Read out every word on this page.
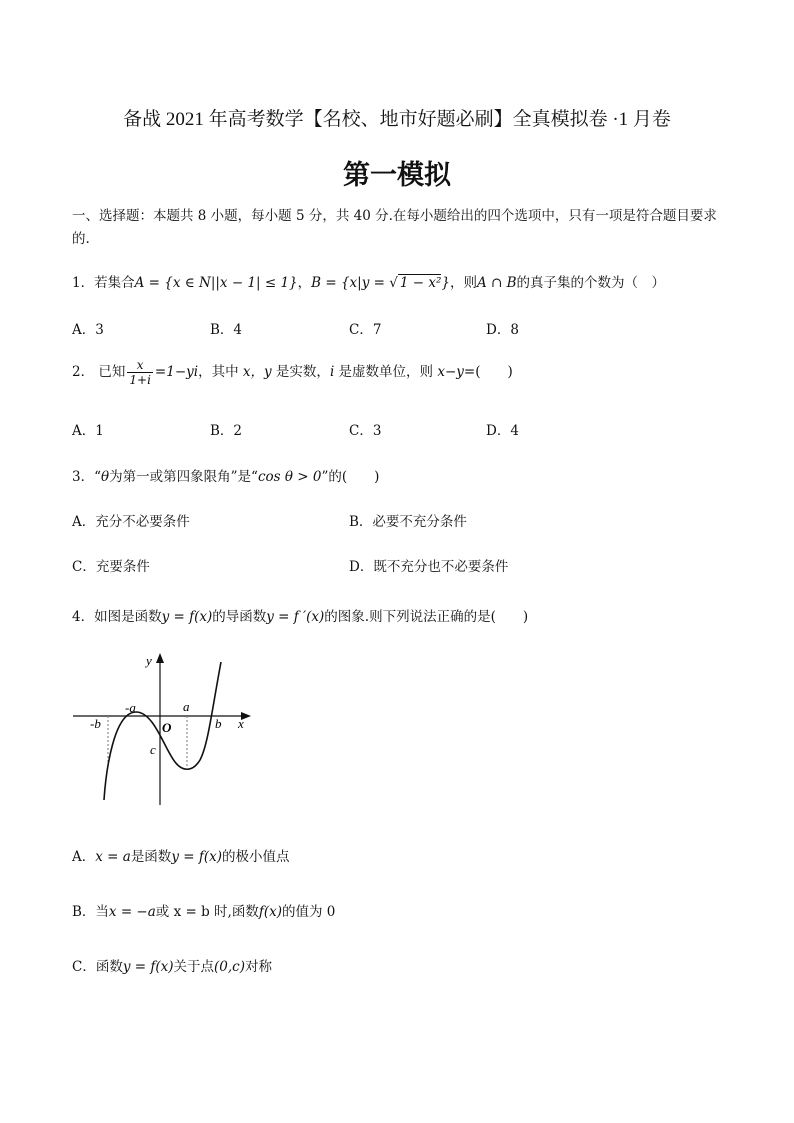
备战 2021 年高考数学【名校、地市好题必刷】全真模拟卷 ·1 月卷
第一模拟
一、选择题：本题共 8 小题，每小题 5 分，共 40 分.在每小题给出的四个选项中，只有一项是符合题目要求的.
1．若集合A = {x ∈ N||x − 1| ≤ 1}，B = {x|y = √ 1 − x²}，则A ∩ B的真子集的个数为（　）
A．3	B．4	C．7	D．8
2． 已知 $\frac{x}{1+i} =1-yi$，其中 x，y 是实数，i 是虚数单位，则 x−y=(　　)
A．1	B．2	C．3	D．4
3．“θ为第一或第四象限角”是“cos θ > 0”的(　　)
A．充分不必要条件	B．必要不充分条件
C．充要条件	D．既不充分也不必要条件
4．如图是函数y = f(x)的导函数y = f ′(x)的图象.则下列说法正确的是(　　)
y
x
O
-a	a
-b	b
c
A．x = a是函数y = f(x)的极小值点
B．当x = −a或 x = b 时,函数f(x)的值为 0
C．函数y = f(x)关于点(0,c)对称
